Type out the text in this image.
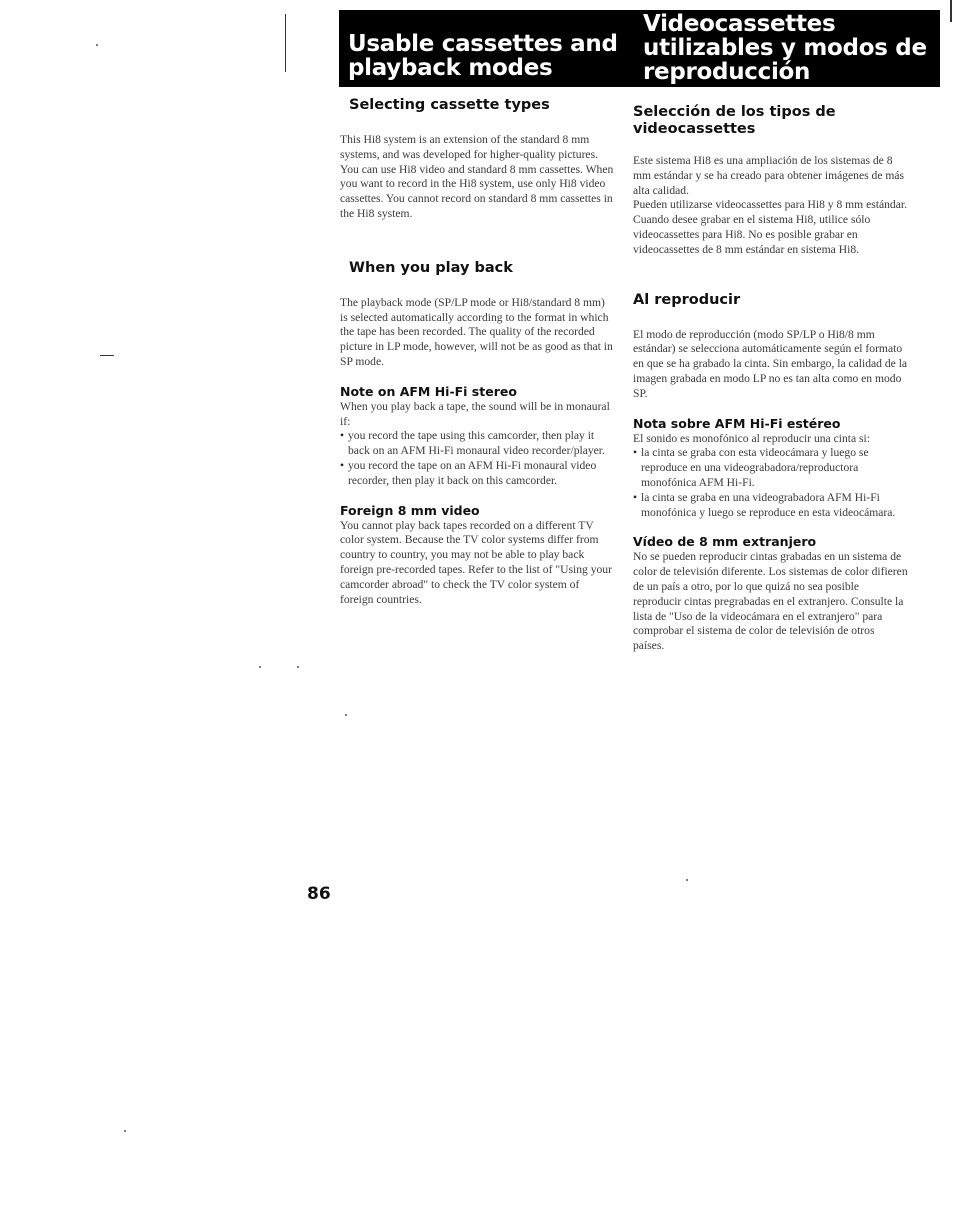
Usable cassettes and playback modes
Videocassettes utilizables y modos de reproducción
Selecting cassette types

This Hi8 system is an extension of the standard 8 mm systems, and was developed for higher-quality pictures.

You can use Hi8 video and standard 8 mm cassettes. When you want to record in the Hi8 system, use only Hi8 video cassettes. You cannot record on standard 8 mm cassettes in the Hi8 system.

When you play back

The playback mode (SP/LP mode or Hi8/standard 8 mm) is selected automatically according to the format in which the tape has been recorded. The quality of the recorded picture in LP mode, however, will not be as good as that in SP mode.

Note on AFM Hi-Fi stereo

When you play back a tape, the sound will be in monaural if:

• you record the tape using this camcorder, then play it back on an AFM Hi-Fi monaural video recorder/player.
• you record the tape on an AFM Hi-Fi monaural video recorder, then play it back on this camcorder.
Foreign 8 mm video

You cannot play back tapes recorded on a different TV color system. Because the TV color systems differ from country to country, you may not be able to play back foreign pre-recorded tapes. Refer to the list of "Using your camcorder abroad" to check the TV color system of foreign countries.

Selección de los tipos de videocassettes

Este sistema Hi8 es una ampliación de los sistemas de 8 mm estándar y se ha creado para obtener imágenes de más alta calidad.

Pueden utilizarse videocassettes para Hi8 y 8 mm estándar. Cuando desee grabar en el sistema Hi8, utilice sólo videocassettes para Hi8. No es posible grabar en videocassettes de 8 mm estándar en sistema Hi8.

Al reproducir

El modo de reproducción (modo SP/LP o Hi8/8 mm estándar) se selecciona automáticamente según el formato en que se ha grabado la cinta. Sin embargo, la calidad de la imagen grabada en modo LP no es tan alta como en modo SP.

Nota sobre AFM Hi-Fi estéreo

El sonido es monofónico al reproducir una cinta si:

• la cinta se graba con esta videocámara y luego se reproduce en una videograbadora/reproductora monofónica AFM Hi-Fi.
• la cinta se graba en una videograbadora AFM Hi-Fi monofónica y luego se reproduce en esta videocámara.
Vídeo de 8 mm extranjero

No se pueden reproducir cintas grabadas en un sistema de color de televisión diferente. Los sistemas de color difieren de un país a otro, por lo que quizá no sea posible reproducir cintas pregrabadas en el extranjero. Consulte la lista de "Uso de la videocámara en el extranjero" para comprobar el sistema de color de televisión de otros países.

86
